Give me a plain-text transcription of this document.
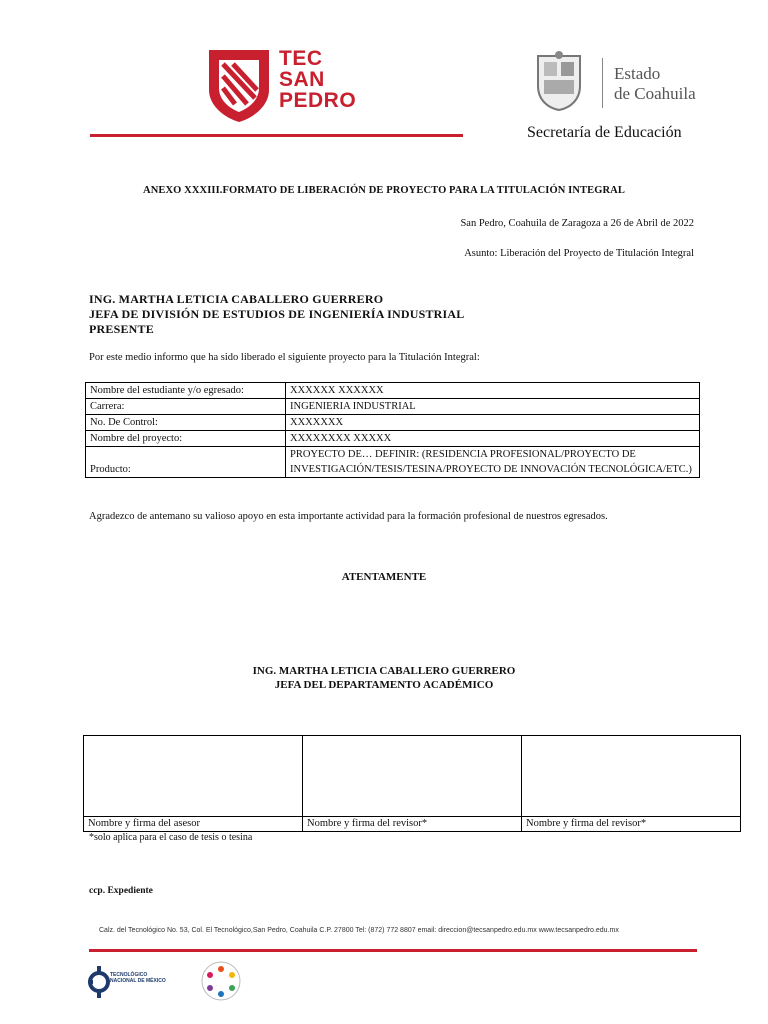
TEC
SAN
PEDRO
Estado
de Coahuila
Secretaría de Educación
ANEXO XXXIII.FORMATO DE LIBERACIÓN DE PROYECTO PARA LA TITULACIÓN INTEGRAL
San Pedro, Coahuila de Zaragoza a 26 de Abril de 2022
Asunto: Liberación del Proyecto de Titulación Integral
ING. MARTHA LETICIA CABALLERO GUERRERO
JEFA DE DIVISIÓN DE ESTUDIOS DE INGENIERÍA INDUSTRIAL
PRESENTE
Por este medio informo que ha sido liberado el siguiente proyecto para la Titulación Integral:
Nombre del estudiante y/o egresado:	XXXXXX XXXXXX
Carrera:	INGENIERIA INDUSTRIAL
No. De Control:	XXXXXXX
Nombre del proyecto:	XXXXXXXX XXXXX
Producto:	PROYECTO DE… DEFINIR: (RESIDENCIA PROFESIONAL/PROYECTO DE INVESTIGACIÓN/TESIS/TESINA/PROYECTO DE INNOVACIÓN TECNOLÓGICA/ETC.)
Agradezco de antemano su valioso apoyo en esta importante actividad para la formación profesional de nuestros egresados.
ATENTAMENTE
ING. MARTHA LETICIA CABALLERO GUERRERO
JEFA DEL DEPARTAMENTO ACADÉMICO

Nombre y firma del asesor	Nombre y firma del revisor*	Nombre y firma del revisor*
*solo aplica para el caso de tesis o tesina
ccp. Expediente
Calz. del Tecnológico No. 53, Col. El Tecnológico,San Pedro, Coahuila C.P. 27800 Tel: (872) 772 8807 email: direccion@tecsanpedro.edu.mx www.tecsanpedro.edu.mx
TECNOLÓGICO NACIONAL DE MÉXICO
